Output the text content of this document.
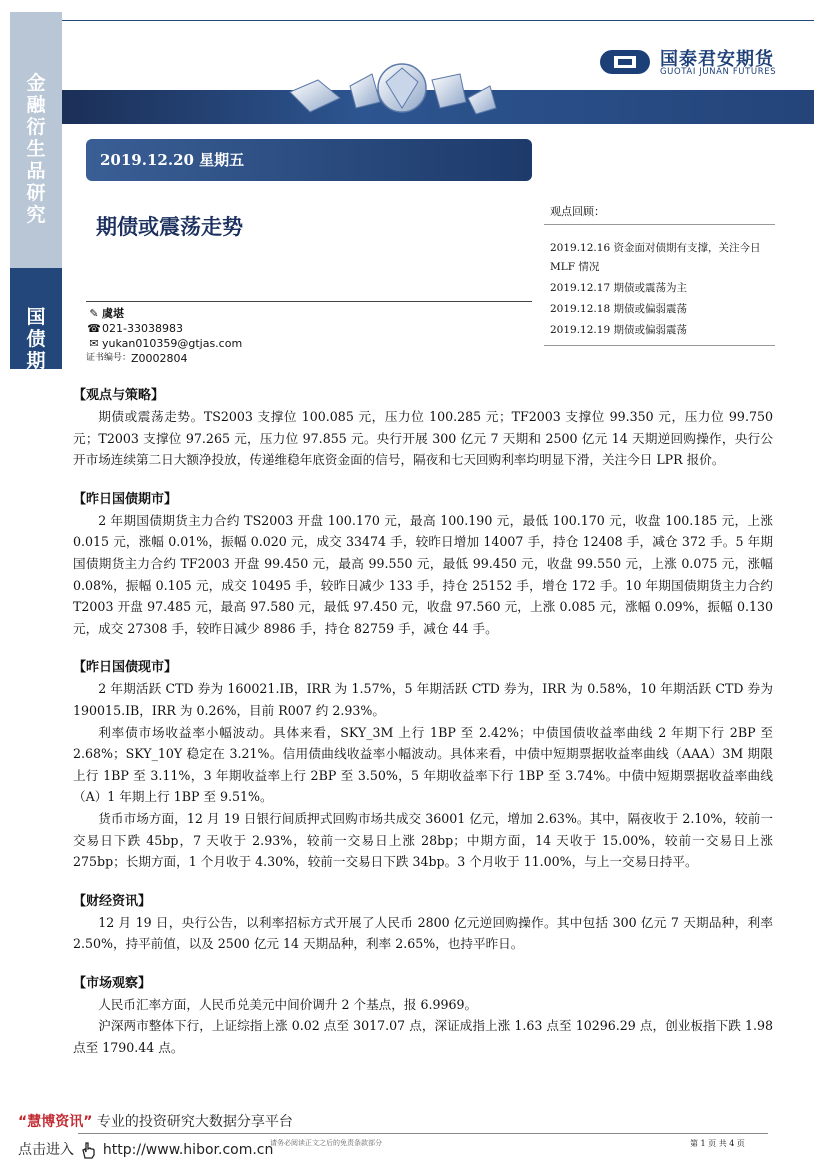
金
融
衍
生
品
研
究
国
债
期
货
晨
报
国泰君安期货
GUOTAI JUNAN FUTURES
2019.12.20 星期五
期债或震荡走势
观点回顾：
2019.12.16 资金面对债期有支撑，关注今日 MLF 情况
2019.12.17 期债或震荡为主
2019.12.18 期债或偏弱震荡
2019.12.19 期债或偏弱震荡
✎ 虞堪
☎ 021-33038983
✉ yukan010359@gtjas.com
证书编号： Z0002804
【观点与策略】

期债或震荡走势。TS2003 支撑位 100.085 元，压力位 100.285 元；TF2003 支撑位 99.350 元，压力位 99.750 元；T2003 支撑位 97.265 元，压力位 97.855 元。央行开展 300 亿元 7 天期和 2500 亿元 14 天期逆回购操作，央行公开市场连续第二日大额净投放，传递维稳年底资金面的信号，隔夜和七天回购利率均明显下滑，关注今日 LPR 报价。

【昨日国债期市】

2 年期国债期货主力合约 TS2003 开盘 100.170 元，最高 100.190 元，最低 100.170 元，收盘 100.185 元，上涨 0.015 元，涨幅 0.01%，振幅 0.020 元，成交 33474 手，较昨日增加 14007 手，持仓 12408 手，减仓 372 手。5 年期国债期货主力合约 TF2003 开盘 99.450 元，最高 99.550 元，最低 99.450 元，收盘 99.550 元，上涨 0.075 元，涨幅 0.08%，振幅 0.105 元，成交 10495 手，较昨日减少 133 手，持仓 25152 手，增仓 172 手。10 年期国债期货主力合约 T2003 开盘 97.485 元，最高 97.580 元，最低 97.450 元，收盘 97.560 元，上涨 0.085 元，涨幅 0.09%，振幅 0.130 元，成交 27308 手，较昨日减少 8986 手，持仓 82759 手，减仓 44 手。

【昨日国债现市】

2 年期活跃 CTD 券为 160021.IB，IRR 为 1.57%，5 年期活跃 CTD 券为，IRR 为 0.58%，10 年期活跃 CTD 券为 190015.IB，IRR 为 0.26%，目前 R007 约 2.93%。

利率债市场收益率小幅波动。具体来看，SKY_3M 上行 1BP 至 2.42%；中债国债收益率曲线 2 年期下行 2BP 至 2.68%；SKY_10Y 稳定在 3.21%。信用债曲线收益率小幅波动。具体来看，中债中短期票据收益率曲线（AAA）3M 期限上行 1BP 至 3.11%，3 年期收益率上行 2BP 至 3.50%，5 年期收益率下行 1BP 至 3.74%。中债中短期票据收益率曲线（A）1 年期上行 1BP 至 9.51%。

货币市场方面，12 月 19 日银行间质押式回购市场共成交 36001 亿元，增加 2.63%。其中，隔夜收于 2.10%，较前一交易日下跌 45bp，7 天收于 2.93%，较前一交易日上涨 28bp；中期方面，14 天收于 15.00%，较前一交易日上涨 275bp；长期方面，1 个月收于 4.30%，较前一交易日下跌 34bp。3 个月收于 11.00%，与上一交易日持平。

【财经资讯】

12 月 19 日，央行公告，以利率招标方式开展了人民币 2800 亿元逆回购操作。其中包括 300 亿元 7 天期品种，利率 2.50%，持平前值，以及 2500 亿元 14 天期品种，利率 2.65%，也持平昨日。

【市场观察】

人民币汇率方面，人民币兑美元中间价调升 2 个基点，报 6.9969。

沪深两市整体下行，上证综指上涨 0.02 点至 3017.07 点，深证成指上涨 1.63 点至 10296.29 点，创业板指下跌 1.98 点至 1790.44 点。

第 1 页 共 4 页
“慧博资讯” 专业的投资研究大数据分享平台
点击进入 http://www.hibor.com.cn
请务必阅读正文之后的免责条款部分
